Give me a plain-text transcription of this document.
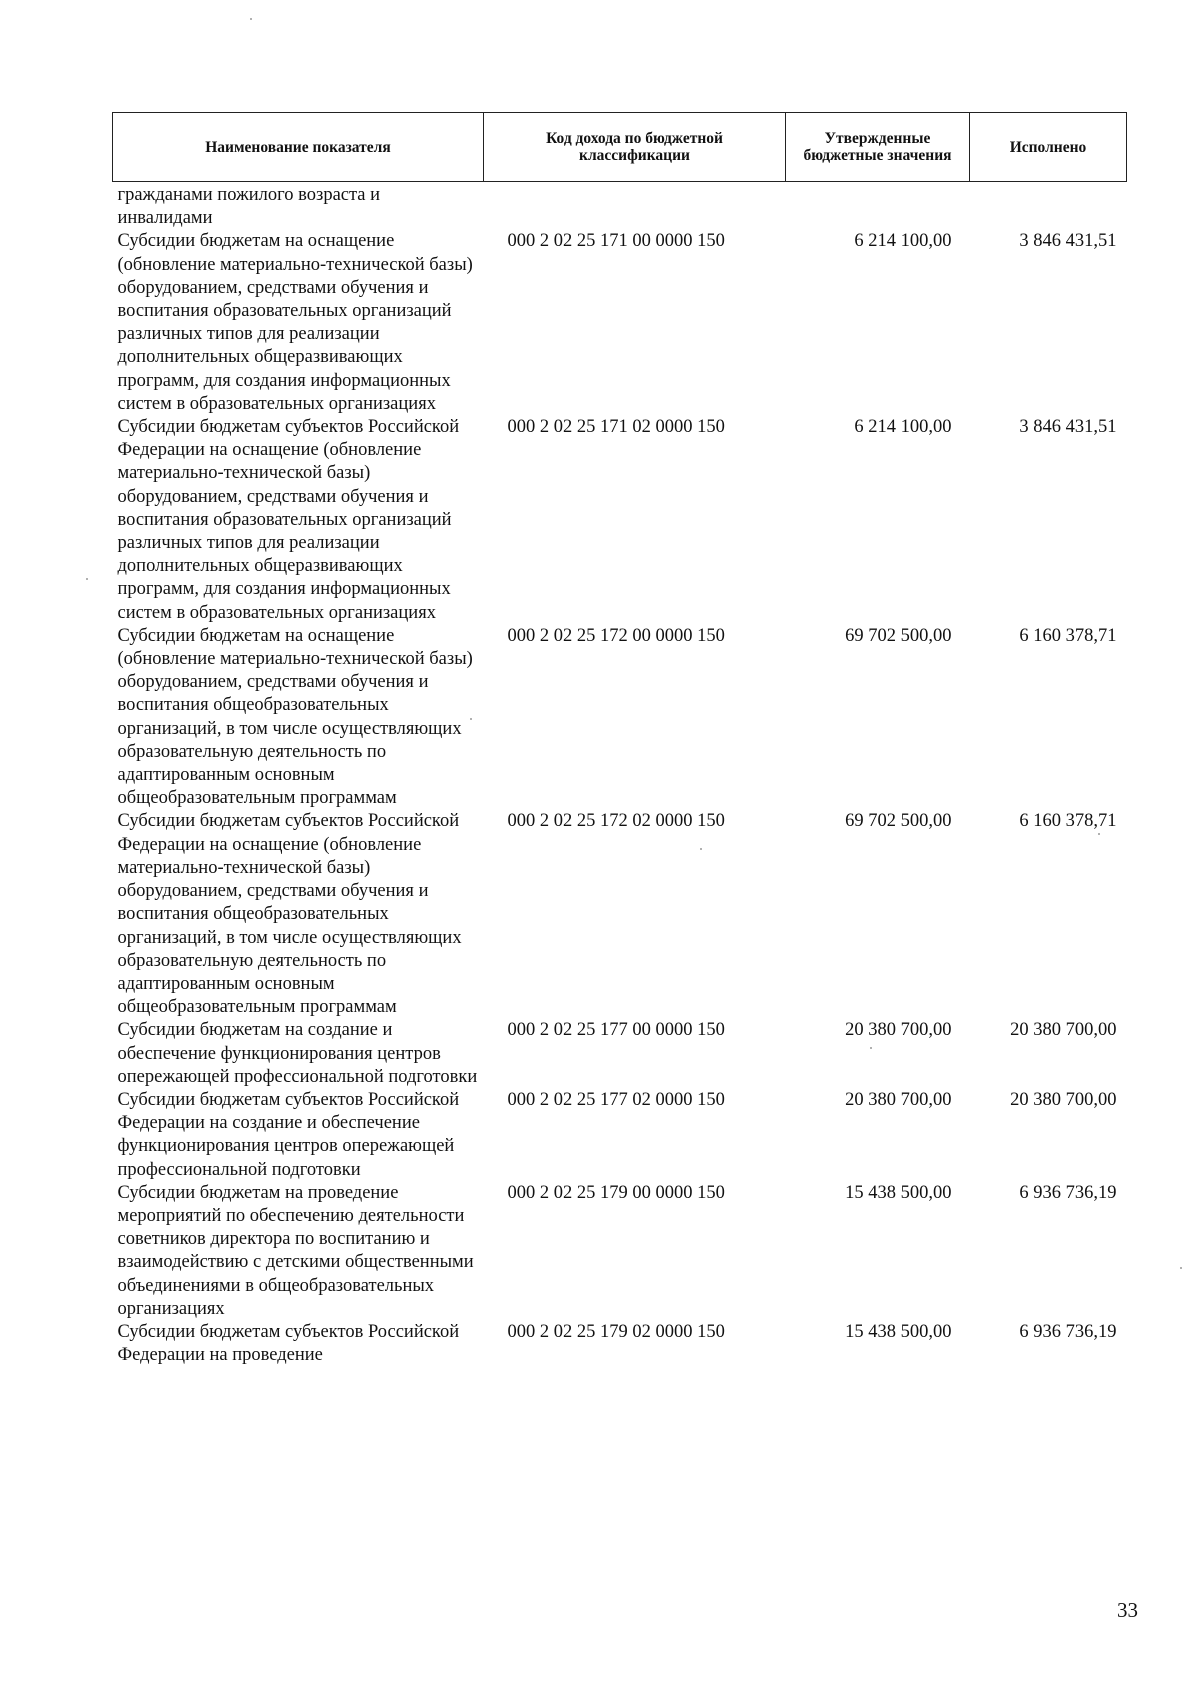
Наименование показателя	Код дохода по бюджетной классификации	Утвержденные бюджетные значения	Исполнено
гражданами пожилого возраста и инвалидами			
Субсидии бюджетам на оснащение (обновление материально-технической базы) оборудованием, средствами обучения и воспитания образовательных организаций различных типов для реализации дополнительных общеразвивающих программ, для создания информационных систем в образовательных организациях	000 2 02 25 171 00 0000 150	6 214 100,00	3 846 431,51
Субсидии бюджетам субъектов Российской Федерации на оснащение (обновление материально-технической базы) оборудованием, средствами обучения и воспитания образовательных организаций различных типов для реализации дополнительных общеразвивающих программ, для создания информационных систем в образовательных организациях	000 2 02 25 171 02 0000 150	6 214 100,00	3 846 431,51
Субсидии бюджетам на оснащение (обновление материально-технической базы) оборудованием, средствами обучения и воспитания общеобразовательных организаций, в том числе осуществляющих образовательную деятельность по адаптированным основным общеобразовательным программам	000 2 02 25 172 00 0000 150	69 702 500,00	6 160 378,71
Субсидии бюджетам субъектов Российской Федерации на оснащение (обновление материально-технической базы) оборудованием, средствами обучения и воспитания общеобразовательных организаций, в том числе осуществляющих образовательную деятельность по адаптированным основным общеобразовательным программам	000 2 02 25 172 02 0000 150	69 702 500,00	6 160 378,71
Субсидии бюджетам на создание и обеспечение функционирования центров опережающей профессиональной подготовки	000 2 02 25 177 00 0000 150	20 380 700,00	20 380 700,00
Субсидии бюджетам субъектов Российской Федерации на создание и обеспечение функционирования центров опережающей профессиональной подготовки	000 2 02 25 177 02 0000 150	20 380 700,00	20 380 700,00
Субсидии бюджетам на проведение мероприятий по обеспечению деятельности советников директора по воспитанию и взаимодействию с детскими общественными объединениями в общеобразовательных организациях	000 2 02 25 179 00 0000 150	15 438 500,00	6 936 736,19
Субсидии бюджетам субъектов Российской Федерации на проведение	000 2 02 25 179 02 0000 150	15 438 500,00	6 936 736,19
33
